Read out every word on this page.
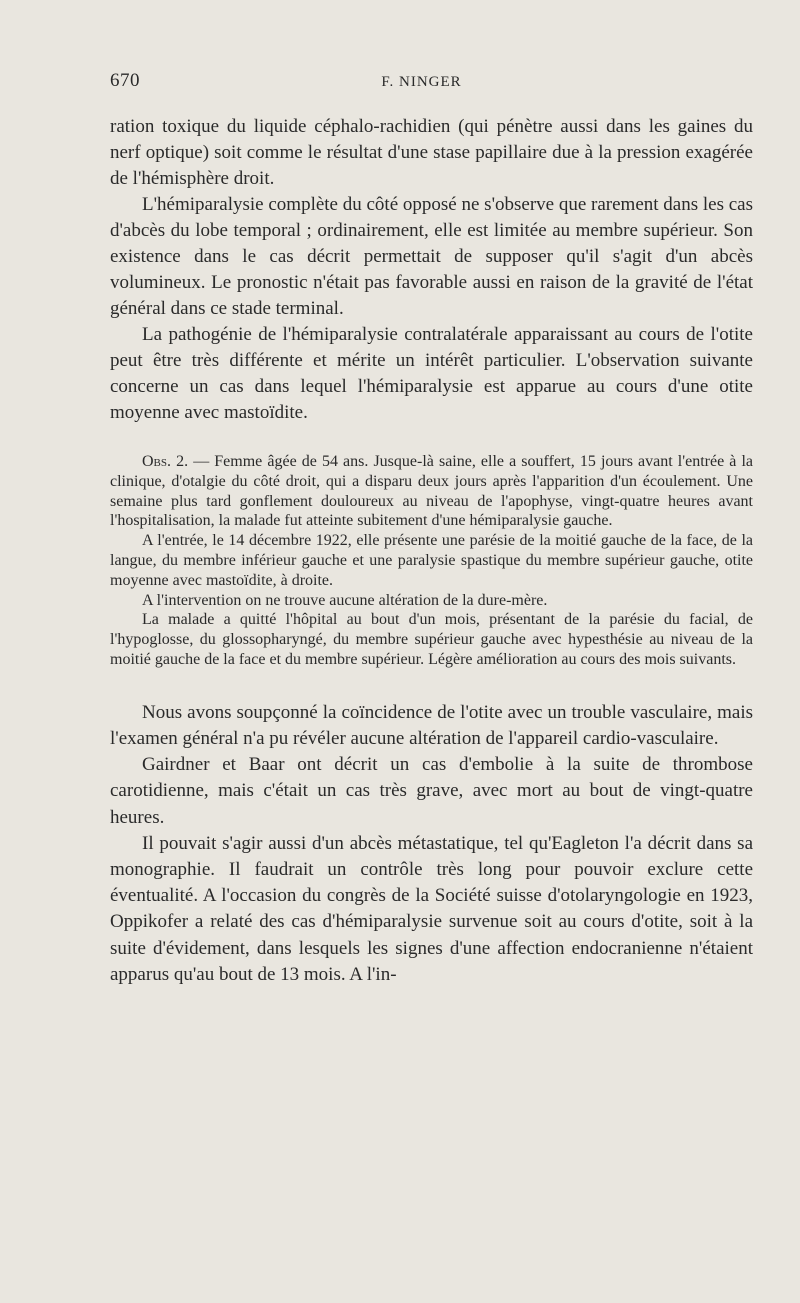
670	F. NINGER

ration toxique du liquide céphalo-rachidien (qui pénètre aussi dans les gaines du nerf optique) soit comme le résultat d'une stase papillaire due à la pression exagérée de l'hémisphère droit.

L'hémiparalysie complète du côté opposé ne s'observe que rarement dans les cas d'abcès du lobe temporal ; ordinairement, elle est limitée au membre supérieur. Son existence dans le cas décrit permettait de supposer qu'il s'agit d'un abcès volumineux. Le pronostic n'était pas favorable aussi en raison de la gravité de l'état général dans ce stade terminal.

La pathogénie de l'hémiparalysie contralatérale apparaissant au cours de l'otite peut être très différente et mérite un intérêt particulier. L'observation suivante concerne un cas dans lequel l'hémiparalysie est apparue au cours d'une otite moyenne avec mastoïdite.

Obs. 2. — Femme âgée de 54 ans. Jusque-là saine, elle a souffert, 15 jours avant l'entrée à la clinique, d'otalgie du côté droit, qui a disparu deux jours après l'apparition d'un écoulement. Une semaine plus tard gonflement douloureux au niveau de l'apophyse, vingt-quatre heures avant l'hospitalisation, la malade fut atteinte subitement d'une hémiparalysie gauche.

A l'entrée, le 14 décembre 1922, elle présente une parésie de la moitié gauche de la face, de la langue, du membre inférieur gauche et une paralysie spastique du membre supérieur gauche, otite moyenne avec mastoïdite, à droite.

A l'intervention on ne trouve aucune altération de la dure-mère.

La malade a quitté l'hôpital au bout d'un mois, présentant de la parésie du facial, de l'hypoglosse, du glossopharyngé, du membre supérieur gauche avec hypesthésie au niveau de la moitié gauche de la face et du membre supérieur. Légère amélioration au cours des mois suivants.

Nous avons soupçonné la coïncidence de l'otite avec un trouble vasculaire, mais l'examen général n'a pu révéler aucune altération de l'appareil cardio-vasculaire.

Gairdner et Baar ont décrit un cas d'embolie à la suite de thrombose carotidienne, mais c'était un cas très grave, avec mort au bout de vingt-quatre heures.

Il pouvait s'agir aussi d'un abcès métastatique, tel qu'Eagleton l'a décrit dans sa monographie. Il faudrait un contrôle très long pour pouvoir exclure cette éventualité. A l'occasion du congrès de la Société suisse d'otolaryngologie en 1923, Oppikofer a relaté des cas d'hémiparalysie survenue soit au cours d'otite, soit à la suite d'évidement, dans lesquels les signes d'une affection endocranienne n'étaient apparus qu'au bout de 13 mois. A l'in-
